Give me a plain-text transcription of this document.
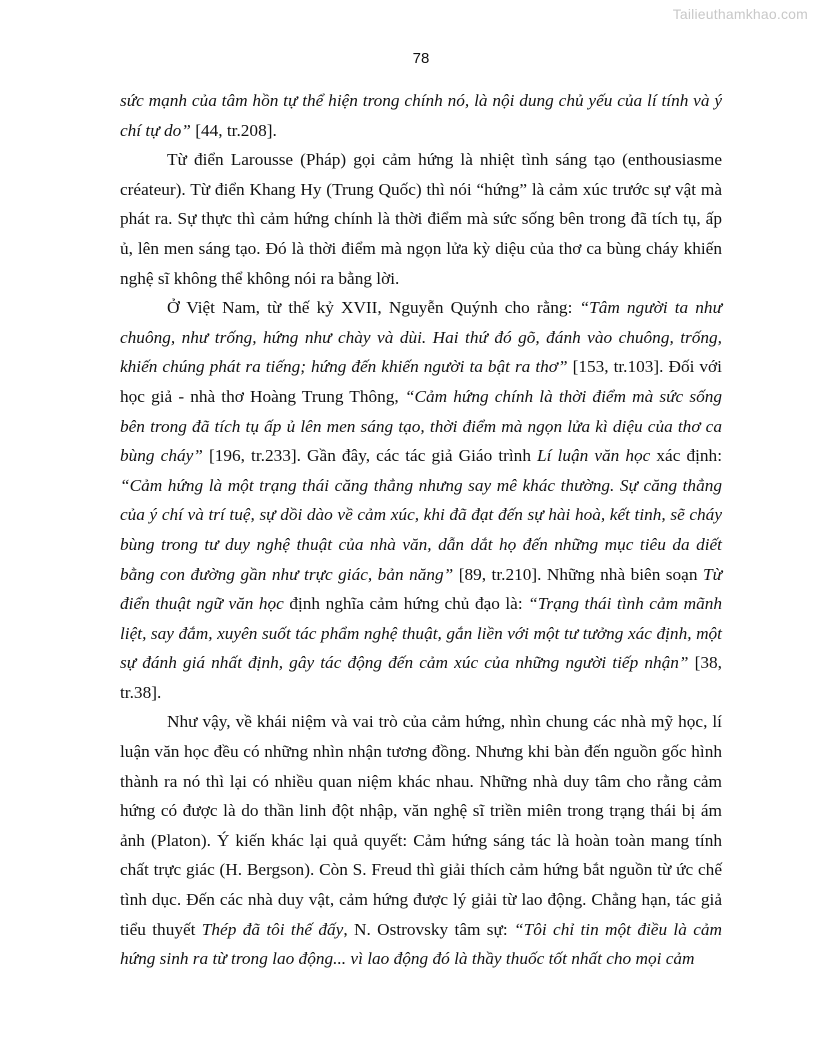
Tailieuthamkhao.com
78

sức mạnh của tâm hồn tự thể hiện trong chính nó, là nội dung chủ yếu của lí tính và ý chí tự do” [44, tr.208].

Từ điển Larousse (Pháp) gọi cảm hứng là nhiệt tình sáng tạo (enthousiasme créateur). Từ điển Khang Hy (Trung Quốc) thì nói “hứng” là cảm xúc trước sự vật mà phát ra. Sự thực thì cảm hứng chính là thời điểm mà sức sống bên trong đã tích tụ, ấp ủ, lên men sáng tạo. Đó là thời điểm mà ngọn lửa kỳ diệu của thơ ca bùng cháy khiến nghệ sĩ không thể không nói ra bằng lời.

Ở Việt Nam, từ thế kỷ XVII, Nguyễn Quýnh cho rằng: “Tâm người ta như chuông, như trống, hứng như chày và dùi. Hai thứ đó gõ, đánh vào chuông, trống, khiến chúng phát ra tiếng; hứng đến khiến người ta bật ra thơ” [153, tr.103]. Đối với học giả - nhà thơ Hoàng Trung Thông, “Cảm hứng chính là thời điểm mà sức sống bên trong đã tích tụ ấp ủ lên men sáng tạo, thời điểm mà ngọn lửa kì diệu của thơ ca bùng cháy” [196, tr.233]. Gần đây, các tác giả Giáo trình Lí luận văn học xác định: “Cảm hứng là một trạng thái căng thẳng nhưng say mê khác thường. Sự căng thẳng của ý chí và trí tuệ, sự dồi dào về cảm xúc, khi đã đạt đến sự hài hoà, kết tinh, sẽ cháy bùng trong tư duy nghệ thuật của nhà văn, dẫn dắt họ đến những mục tiêu da diết bằng con đường gần như trực giác, bản năng” [89, tr.210]. Những nhà biên soạn Từ điển thuật ngữ văn học định nghĩa cảm hứng chủ đạo là: “Trạng thái tình cảm mãnh liệt, say đắm, xuyên suốt tác phẩm nghệ thuật, gắn liền với một tư tưởng xác định, một sự đánh giá nhất định, gây tác động đến cảm xúc của những người tiếp nhận” [38, tr.38].

Như vậy, về khái niệm và vai trò của cảm hứng, nhìn chung các nhà mỹ học, lí luận văn học đều có những nhìn nhận tương đồng. Nhưng khi bàn đến nguồn gốc hình thành ra nó thì lại có nhiều quan niệm khác nhau. Những nhà duy tâm cho rằng cảm hứng có được là do thần linh đột nhập, văn nghệ sĩ triền miên trong trạng thái bị ám ảnh (Platon). Ý kiến khác lại quả quyết: Cảm hứng sáng tác là hoàn toàn mang tính chất trực giác (H. Bergson). Còn S. Freud thì giải thích cảm hứng bắt nguồn từ ức chế tình dục. Đến các nhà duy vật, cảm hứng được lý giải từ lao động. Chẳng hạn, tác giả tiểu thuyết Thép đã tôi thế đấy, N. Ostrovsky tâm sự: “Tôi chỉ tin một điều là cảm hứng sinh ra từ trong lao động... vì lao động đó là thầy thuốc tốt nhất cho mọi cảm
